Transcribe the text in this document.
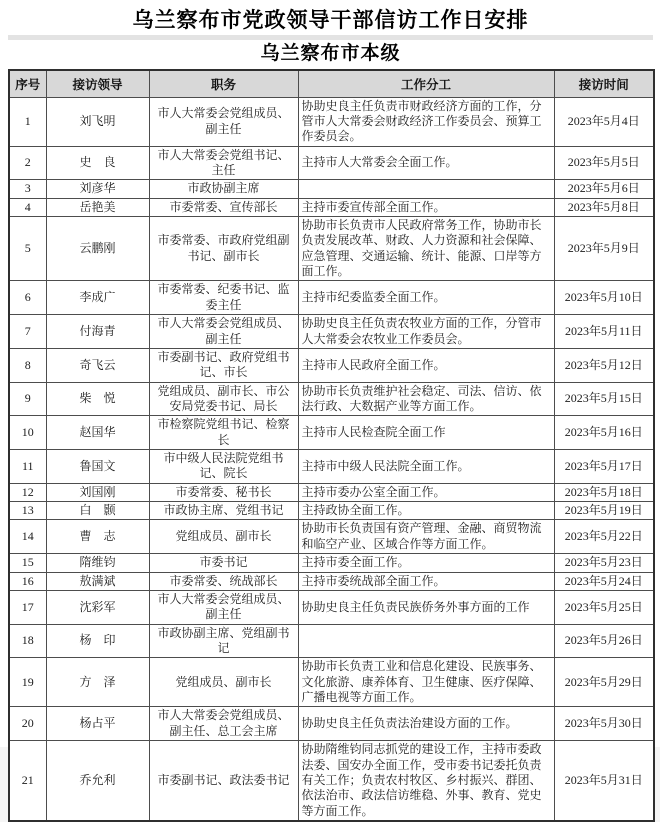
乌兰察布市党政领导干部信访工作日安排
乌兰察布市本级
序号	接访领导	职务	工作分工	接访时间
1	刘飞明	市人大常委会党组成员、副主任	协助史良主任负责市财政经济方面的工作，分管市人大常委会财政经济工作委员会、预算工作委员会。	2023年5月4日
2	史　良	市人大常委会党组书记、主任	主持市人大常委会全面工作。	2023年5月5日
3	刘彦华	市政协副主席		2023年5月6日
4	岳艳美	市委常委、宣传部长	主持市委宣传部全面工作。	2023年5月8日
5	云鹏刚	市委常委、市政府党组副书记、副市长	协助市长负责市人民政府常务工作，协助市长负责发展改革、财政、人力资源和社会保障、应急管理、交通运输、统计、能源、口岸等方面工作。	2023年5月9日
6	李成广	市委常委、纪委书记、监委主任	主持市纪委监委全面工作。	2023年5月10日
7	付海青	市人大常委会党组成员、副主任	协助史良主任负责农牧业方面的工作，分管市人大常委会农牧业工作委员会。	2023年5月11日
8	奇飞云	市委副书记、政府党组书记、市长	主持市人民政府全面工作。	2023年5月12日
9	柴　悦	党组成员、副市长、市公安局党委书记、局长	协助市长负责维护社会稳定、司法、信访、依法行政、大数据产业等方面工作。	2023年5月15日
10	赵国华	市检察院党组书记、检察长	主持市人民检查院全面工作	2023年5月16日
11	鲁国文	市中级人民法院党组书记、院长	主持市中级人民法院全面工作。	2023年5月17日
12	刘国刚	市委常委、秘书长	主持市委办公室全面工作。	2023年5月18日
13	白　颢	市政协主席、党组书记	主持政协全面工作。	2023年5月19日
14	曹　志	党组成员、副市长	协助市长负责国有资产管理、金融、商贸物流和临空产业、区域合作等方面工作。	2023年5月22日
15	隋维钧	市委书记	主持市委全面工作。	2023年5月23日
16	敖满斌	市委常委、统战部长	主持市委统战部全面工作。	2023年5月24日
17	沈彩军	市人大常委会党组成员、副主任	协助史良主任负责民族侨务外事方面的工作	2023年5月25日
18	杨　印	市政协副主席、党组副书记		2023年5月26日
19	方　泽	党组成员、副市长	协助市长负责工业和信息化建设、民族事务、文化旅游、康养体育、卫生健康、医疗保障、广播电视等方面工作。	2023年5月29日
20	杨占平	市人大常委会党组成员、副主任、总工会主席	协助史良主任负责法治建设方面的工作。	2023年5月30日
21	乔允利	市委副书记、政法委书记	协助隋维钧同志抓党的建设工作，主持市委政法委、国安办全面工作，受市委书记委托负责有关工作；负责农村牧区、乡村振兴、群团、依法治市、政法信访维稳、外事、教育、党史等方面工作。	2023年5月31日
